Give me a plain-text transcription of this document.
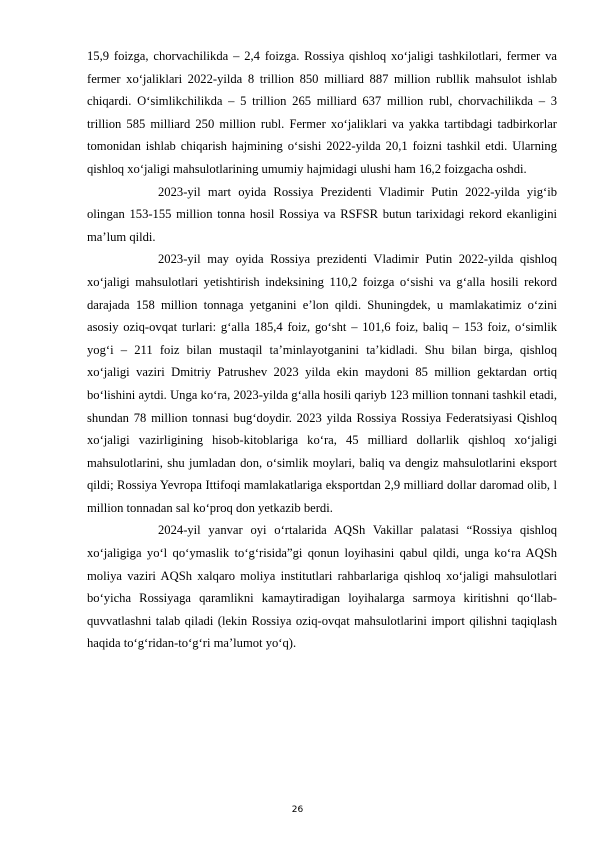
15,9 foizga, chorvachilikda – 2,4 foizga. Rossiya qishloq xo‘jaligi tashkilotlari, fermer va fermer xo‘jaliklari 2022-yilda 8 trillion 850 milliard 887 million rubllik mahsulot ishlab chiqardi. O‘simlikchilikda – 5 trillion 265 milliard 637 million rubl, chorvachilikda – 3 trillion 585 milliard 250 million rubl. Fermer xo‘jaliklari va yakka tartibdagi tadbirkorlar tomonidan ishlab chiqarish hajmining o‘sishi 2022-yilda 20,1 foizni tashkil etdi. Ularning qishloq xo‘jaligi mahsulotlarining umumiy hajmidagi ulushi ham 16,2 foizgacha oshdi.

2023-yil mart oyida Rossiya Prezidenti Vladimir Putin 2022-yilda yig‘ib olingan 153-155 million tonna hosil Rossiya va RSFSR butun tarixidagi rekord ekanligini ma’lum qildi.

2023-yil may oyida Rossiya prezidenti Vladimir Putin 2022-yilda qishloq xo‘jaligi mahsulotlari yetishtirish indeksining 110,2 foizga o‘sishi va g‘alla hosili rekord darajada 158 million tonnaga yetganini e’lon qildi. Shuningdek, u mamlakatimiz o‘zini asosiy oziq-ovqat turlari: g‘alla 185,4 foiz, go‘sht – 101,6 foiz, baliq – 153 foiz, o‘simlik yog‘i – 211 foiz bilan mustaqil ta’minlayotganini ta’kidladi. Shu bilan birga, qishloq xo‘jaligi vaziri Dmitriy Patrushev 2023 yilda ekin maydoni 85 million gektardan ortiq bo‘lishini aytdi. Unga ko‘ra, 2023-yilda g‘alla hosili qariyb 123 million tonnani tashkil etadi, shundan 78 million tonnasi bug‘doydir. 2023 yilda Rossiya Rossiya Federatsiyasi Qishloq xo‘jaligi vazirligining hisob-kitoblariga ko‘ra, 45 milliard dollarlik qishloq xo‘jaligi mahsulotlarini, shu jumladan don, o‘simlik moylari, baliq va dengiz mahsulotlarini eksport qildi; Rossiya Yevropa Ittifoqi mamlakatlariga eksportdan 2,9 milliard dollar daromad olib, l million tonnadan sal ko‘proq don yetkazib berdi.

2024-yil yanvar oyi o‘rtalarida AQSh Vakillar palatasi “Rossiya qishloq xo‘jaligiga yo‘l qo‘ymaslik to‘g‘risida”gi qonun loyihasini qabul qildi, unga ko‘ra AQSh moliya vaziri AQSh xalqaro moliya institutlari rahbarlariga qishloq xo‘jaligi mahsulotlari bo‘yicha Rossiyaga qaramlikni kamaytiradigan loyihalarga sarmoya kiritishni qo‘llab-quvvatlashni talab qiladi (lekin Rossiya oziq-ovqat mahsulotlarini import qilishni taqiqlash haqida to‘g‘ridan-to‘g‘ri ma’lumot yo‘q).

26
